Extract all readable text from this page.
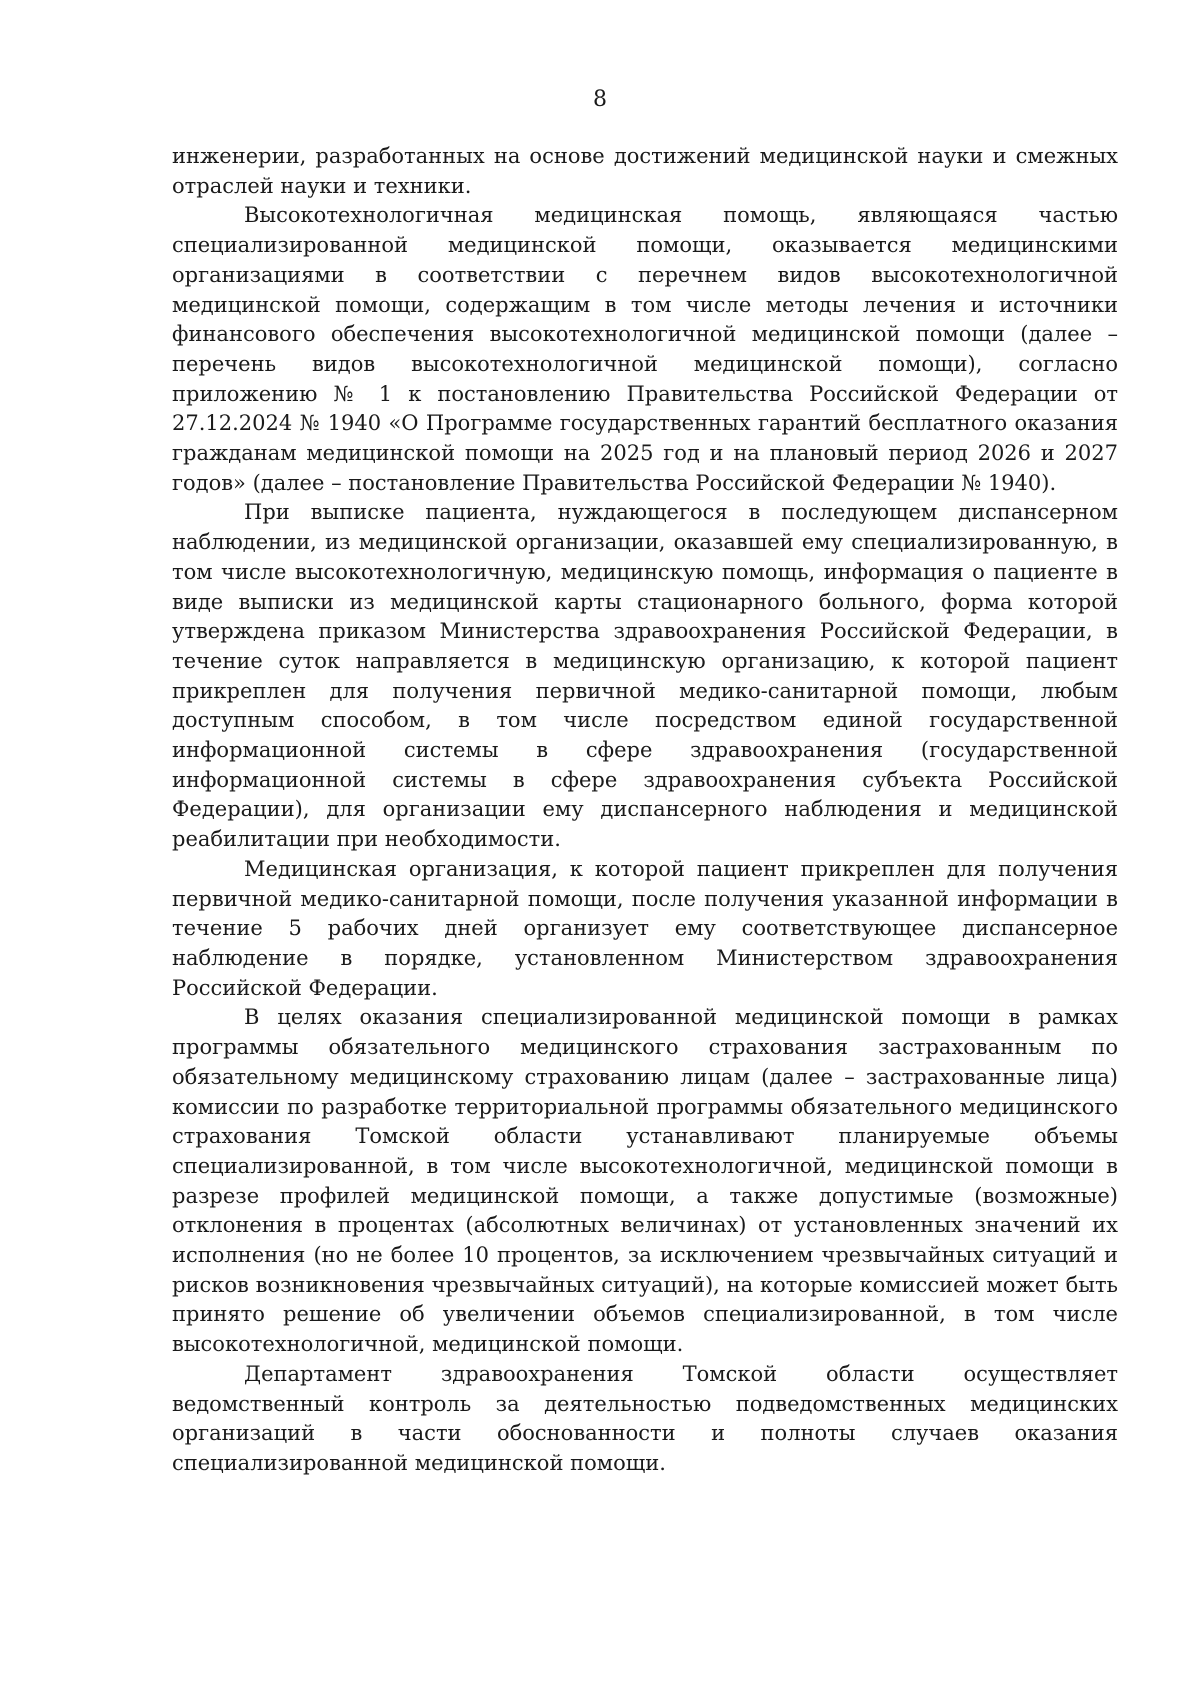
8

инженерии, разработанных на основе достижений медицинской науки и смежных отраслей науки и техники.

Высокотехнологичная медицинская помощь, являющаяся частью специализированной медицинской помощи, оказывается медицинскими организациями в соответствии с перечнем видов высокотехнологичной медицинской помощи, содержащим в том числе методы лечения и источники финансового обеспечения высокотехнологичной медицинской помощи (далее – перечень видов высокотехнологичной медицинской помощи), согласно приложению № 1 к постановлению Правительства Российской Федерации от 27.12.2024 № 1940 «О Программе государственных гарантий бесплатного оказания гражданам медицинской помощи на 2025 год и на плановый период 2026 и 2027 годов» (далее – постановление Правительства Российской Федерации № 1940).

При выписке пациента, нуждающегося в последующем диспансерном наблюдении, из медицинской организации, оказавшей ему специализированную, в том числе высокотехнологичную, медицинскую помощь, информация о пациенте в виде выписки из медицинской карты стационарного больного, форма которой утверждена приказом Министерства здравоохранения Российской Федерации, в течение суток направляется в медицинскую организацию, к которой пациент прикреплен для получения первичной медико-санитарной помощи, любым доступным способом, в том числе посредством единой государственной информационной системы в сфере здравоохранения (государственной информационной системы в сфере здравоохранения субъекта Российской Федерации), для организации ему диспансерного наблюдения и медицинской реабилитации при необходимости.

Медицинская организация, к которой пациент прикреплен для получения первичной медико-санитарной помощи, после получения указанной информации в течение 5 рабочих дней организует ему соответствующее диспансерное наблюдение в порядке, установленном Министерством здравоохранения Российской Федерации.

В целях оказания специализированной медицинской помощи в рамках программы обязательного медицинского страхования застрахованным по обязательному медицинскому страхованию лицам (далее – застрахованные лица) комиссии по разработке территориальной программы обязательного медицинского страхования Томской области устанавливают планируемые объемы специализированной, в том числе высокотехнологичной, медицинской помощи в разрезе профилей медицинской помощи, а также допустимые (возможные) отклонения в процентах (абсолютных величинах) от установленных значений их исполнения (но не более 10 процентов, за исключением чрезвычайных ситуаций и рисков возникновения чрезвычайных ситуаций), на которые комиссией может быть принято решение об увеличении объемов специализированной, в том числе высокотехнологичной, медицинской помощи.

Департамент здравоохранения Томской области осуществляет ведомственный контроль за деятельностью подведомственных медицинских организаций в части обоснованности и полноты случаев оказания специализированной медицинской помощи.
